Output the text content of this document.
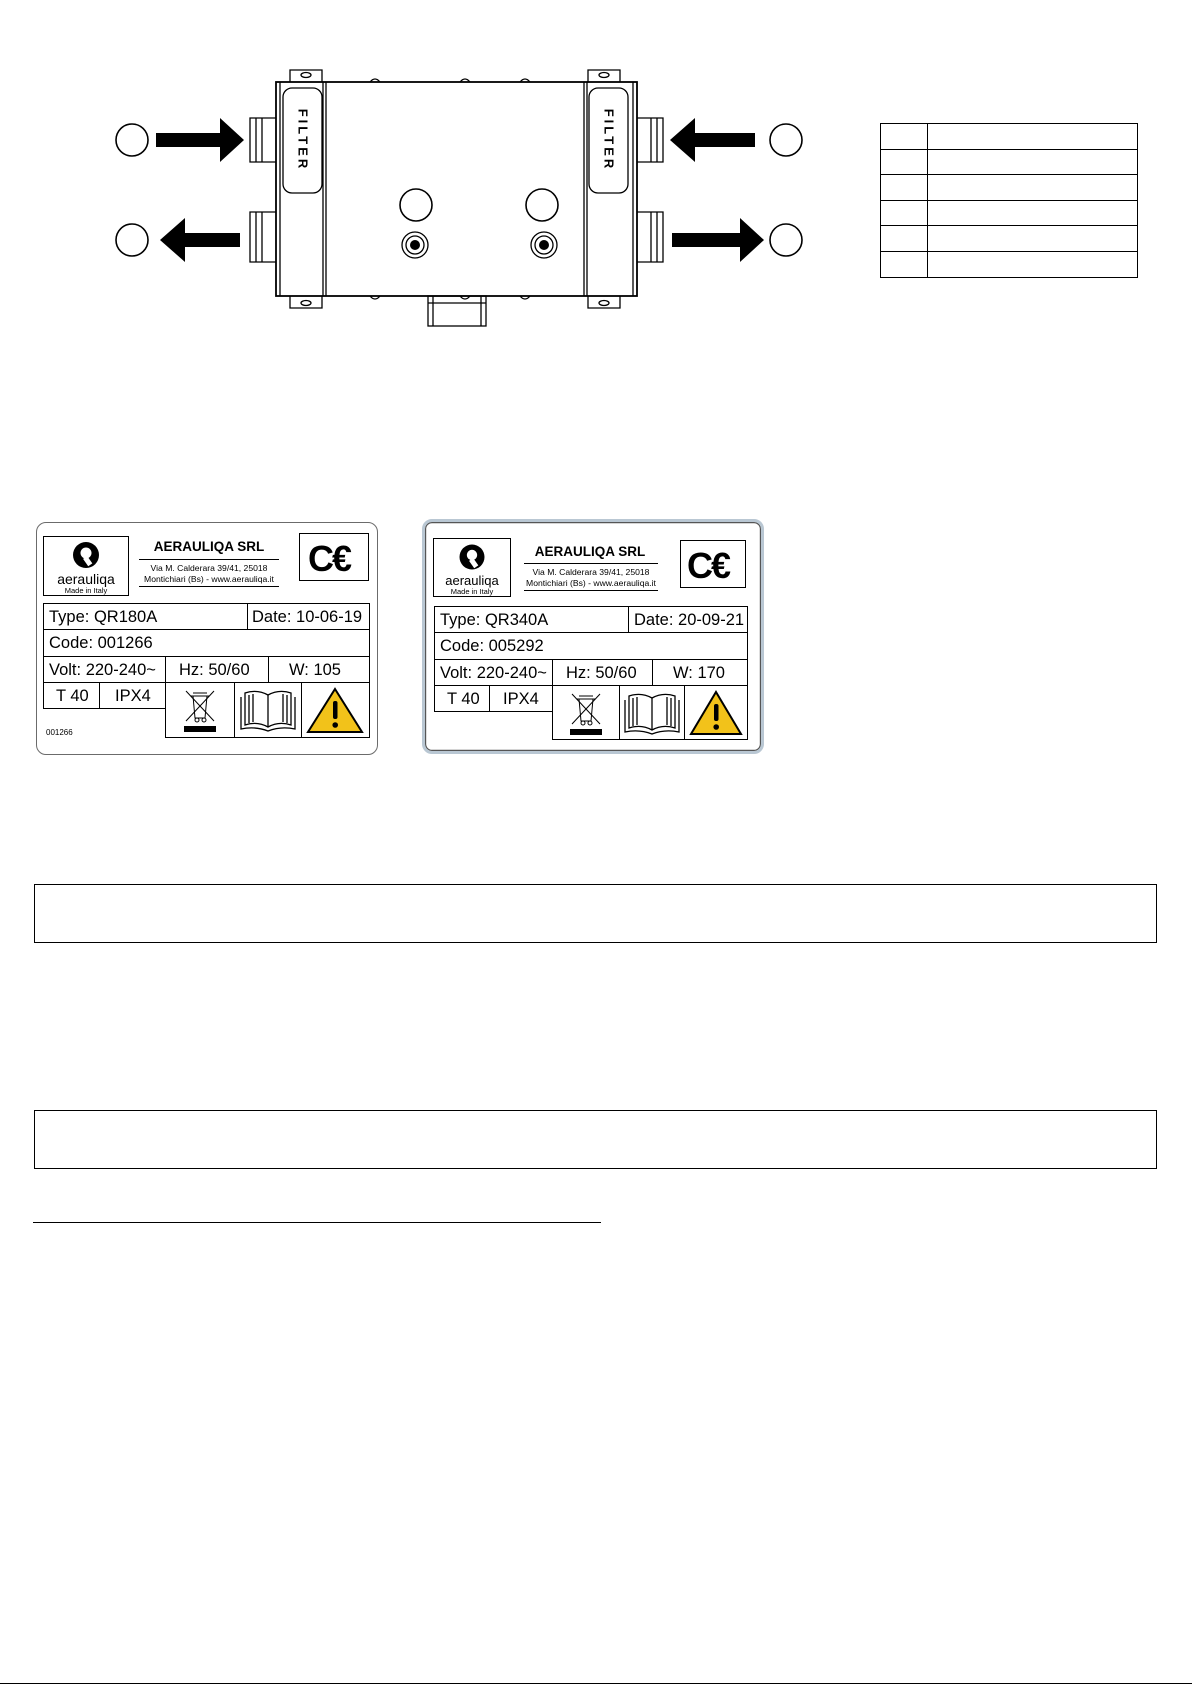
FILTER	FILTER

aerauliqa
Made in Italy
AERAULIQA SRL
Via M. Calderara 39/41, 25018
Montichiari (Bs) - www.aerauliqa.it C€
Type: QR180A	Date: 10-06-19
Code: 001266
Volt: 220-240~ Hz: 50/60 W: 105
T 40 IPX4
001266
aerauliqa
Made in Italy
AERAULIQA SRL
Via M. Calderara 39/41, 25018
Montichiari (Bs) - www.aerauliqa.it C€
Type: QR340A	Date: 20-09-21
Code: 005292
Volt: 220-240~ Hz: 50/60 W: 170
T 40 IPX4
